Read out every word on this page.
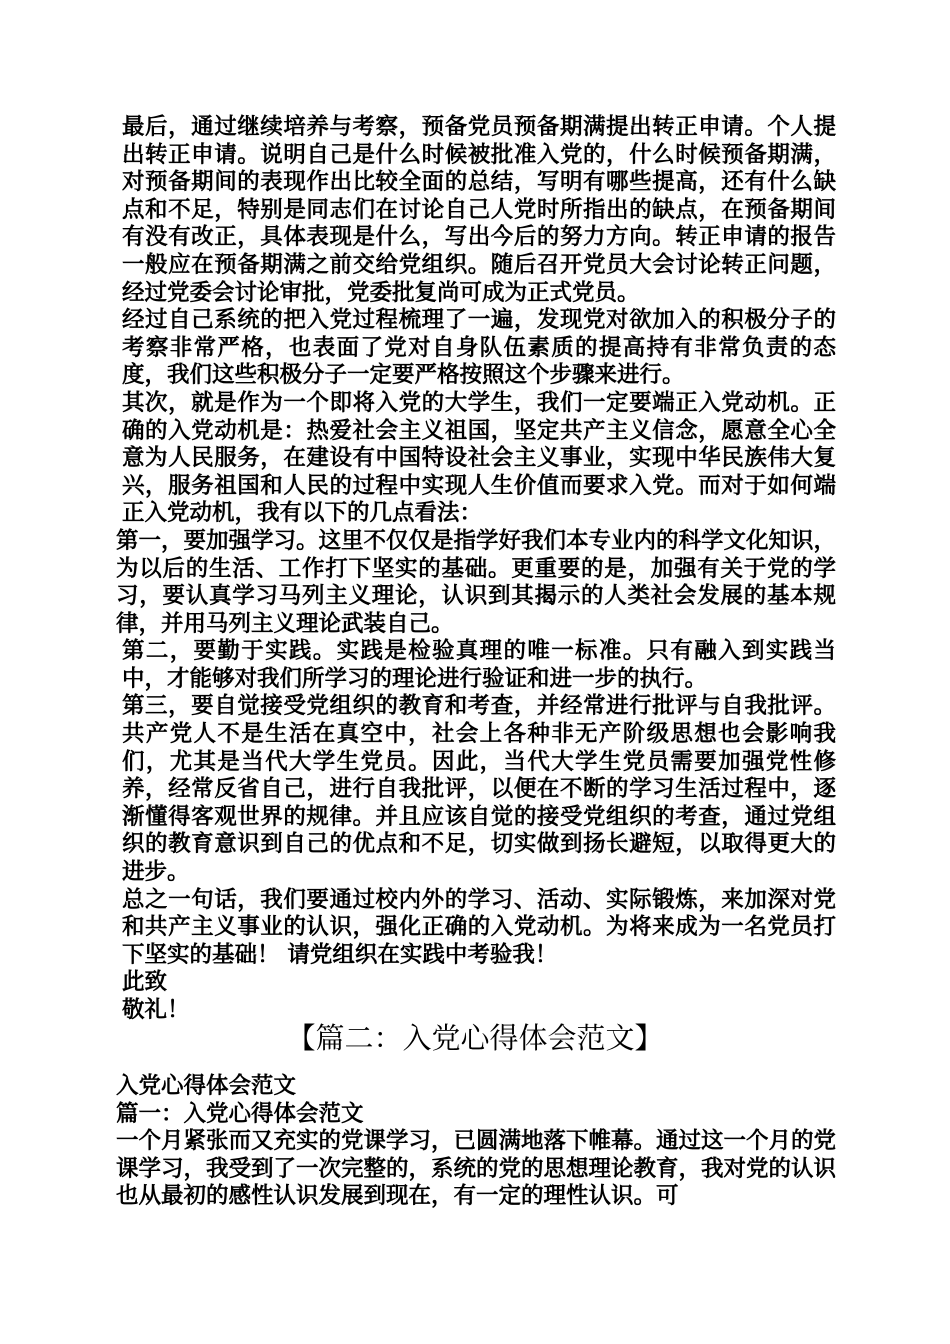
最后，通过继续培养与考察，预备党员预备期满提出转正申请。个人提出转正申请。说明自己是什么时候被批准入党的，什么时候预备期满，对预备期间的表现作出比较全面的总结，写明有哪些提高，还有什么缺点和不足，特别是同志们在讨论自己人党时所指出的缺点，在预备期间有没有改正，具体表现是什么，写出今后的努力方向。转正申请的报告一般应在预备期满之前交给党组织。随后召开党员大会讨论转正问题，经过党委会讨论审批，党委批复尚可成为正式党员。

经过自己系统的把入党过程梳理了一遍，发现党对欲加入的积极分子的考察非常严格，也表面了党对自身队伍素质的提高持有非常负责的态度，我们这些积极分子一定要严格按照这个步骤来进行。

其次，就是作为一个即将入党的大学生，我们一定要端正入党动机。正确的入党动机是：热爱社会主义祖国，坚定共产主义信念，愿意全心全意为人民服务，在建设有中国特设社会主义事业，实现中华民族伟大复兴，服务祖国和人民的过程中实现人生价值而要求入党。而对于如何端正入党动机，我有以下的几点看法：

第一，要加强学习。这里不仅仅是指学好我们本专业内的科学文化知识，为以后的生活、工作打下坚实的基础。更重要的是，加强有关于党的学习，要认真学习马列主义理论，认识到其揭示的人类社会发展的基本规律，并用马列主义理论武装自己。

第二，要勤于实践。实践是检验真理的唯一标准。只有融入到实践当中，才能够对我们所学习的理论进行验证和进一步的执行。

第三，要自觉接受党组织的教育和考查，并经常进行批评与自我批评。共产党人不是生活在真空中，社会上各种非无产阶级思想也会影响我们，尤其是当代大学生党员。因此，当代大学生党员需要加强党性修养，经常反省自己，进行自我批评，以便在不断的学习生活过程中，逐渐懂得客观世界的规律。并且应该自觉的接受党组织的考查，通过党组织的教育意识到自己的优点和不足，切实做到扬长避短，以取得更大的进步。

总之一句话，我们要通过校内外的学习、活动、实际锻炼，来加深对党和共产主义事业的认识，强化正确的入党动机。为将来成为一名党员打下坚实的基础！ 请党组织在实践中考验我！

此致

敬礼！

【篇二：入党心得体会范文】

入党心得体会范文

篇一：入党心得体会范文

一个月紧张而又充实的党课学习，已圆满地落下帷幕。通过这一个月的党课学习，我受到了一次完整的，系统的党的思想理论教育，我对党的认识也从最初的感性认识发展到现在，有一定的理性认识。可
